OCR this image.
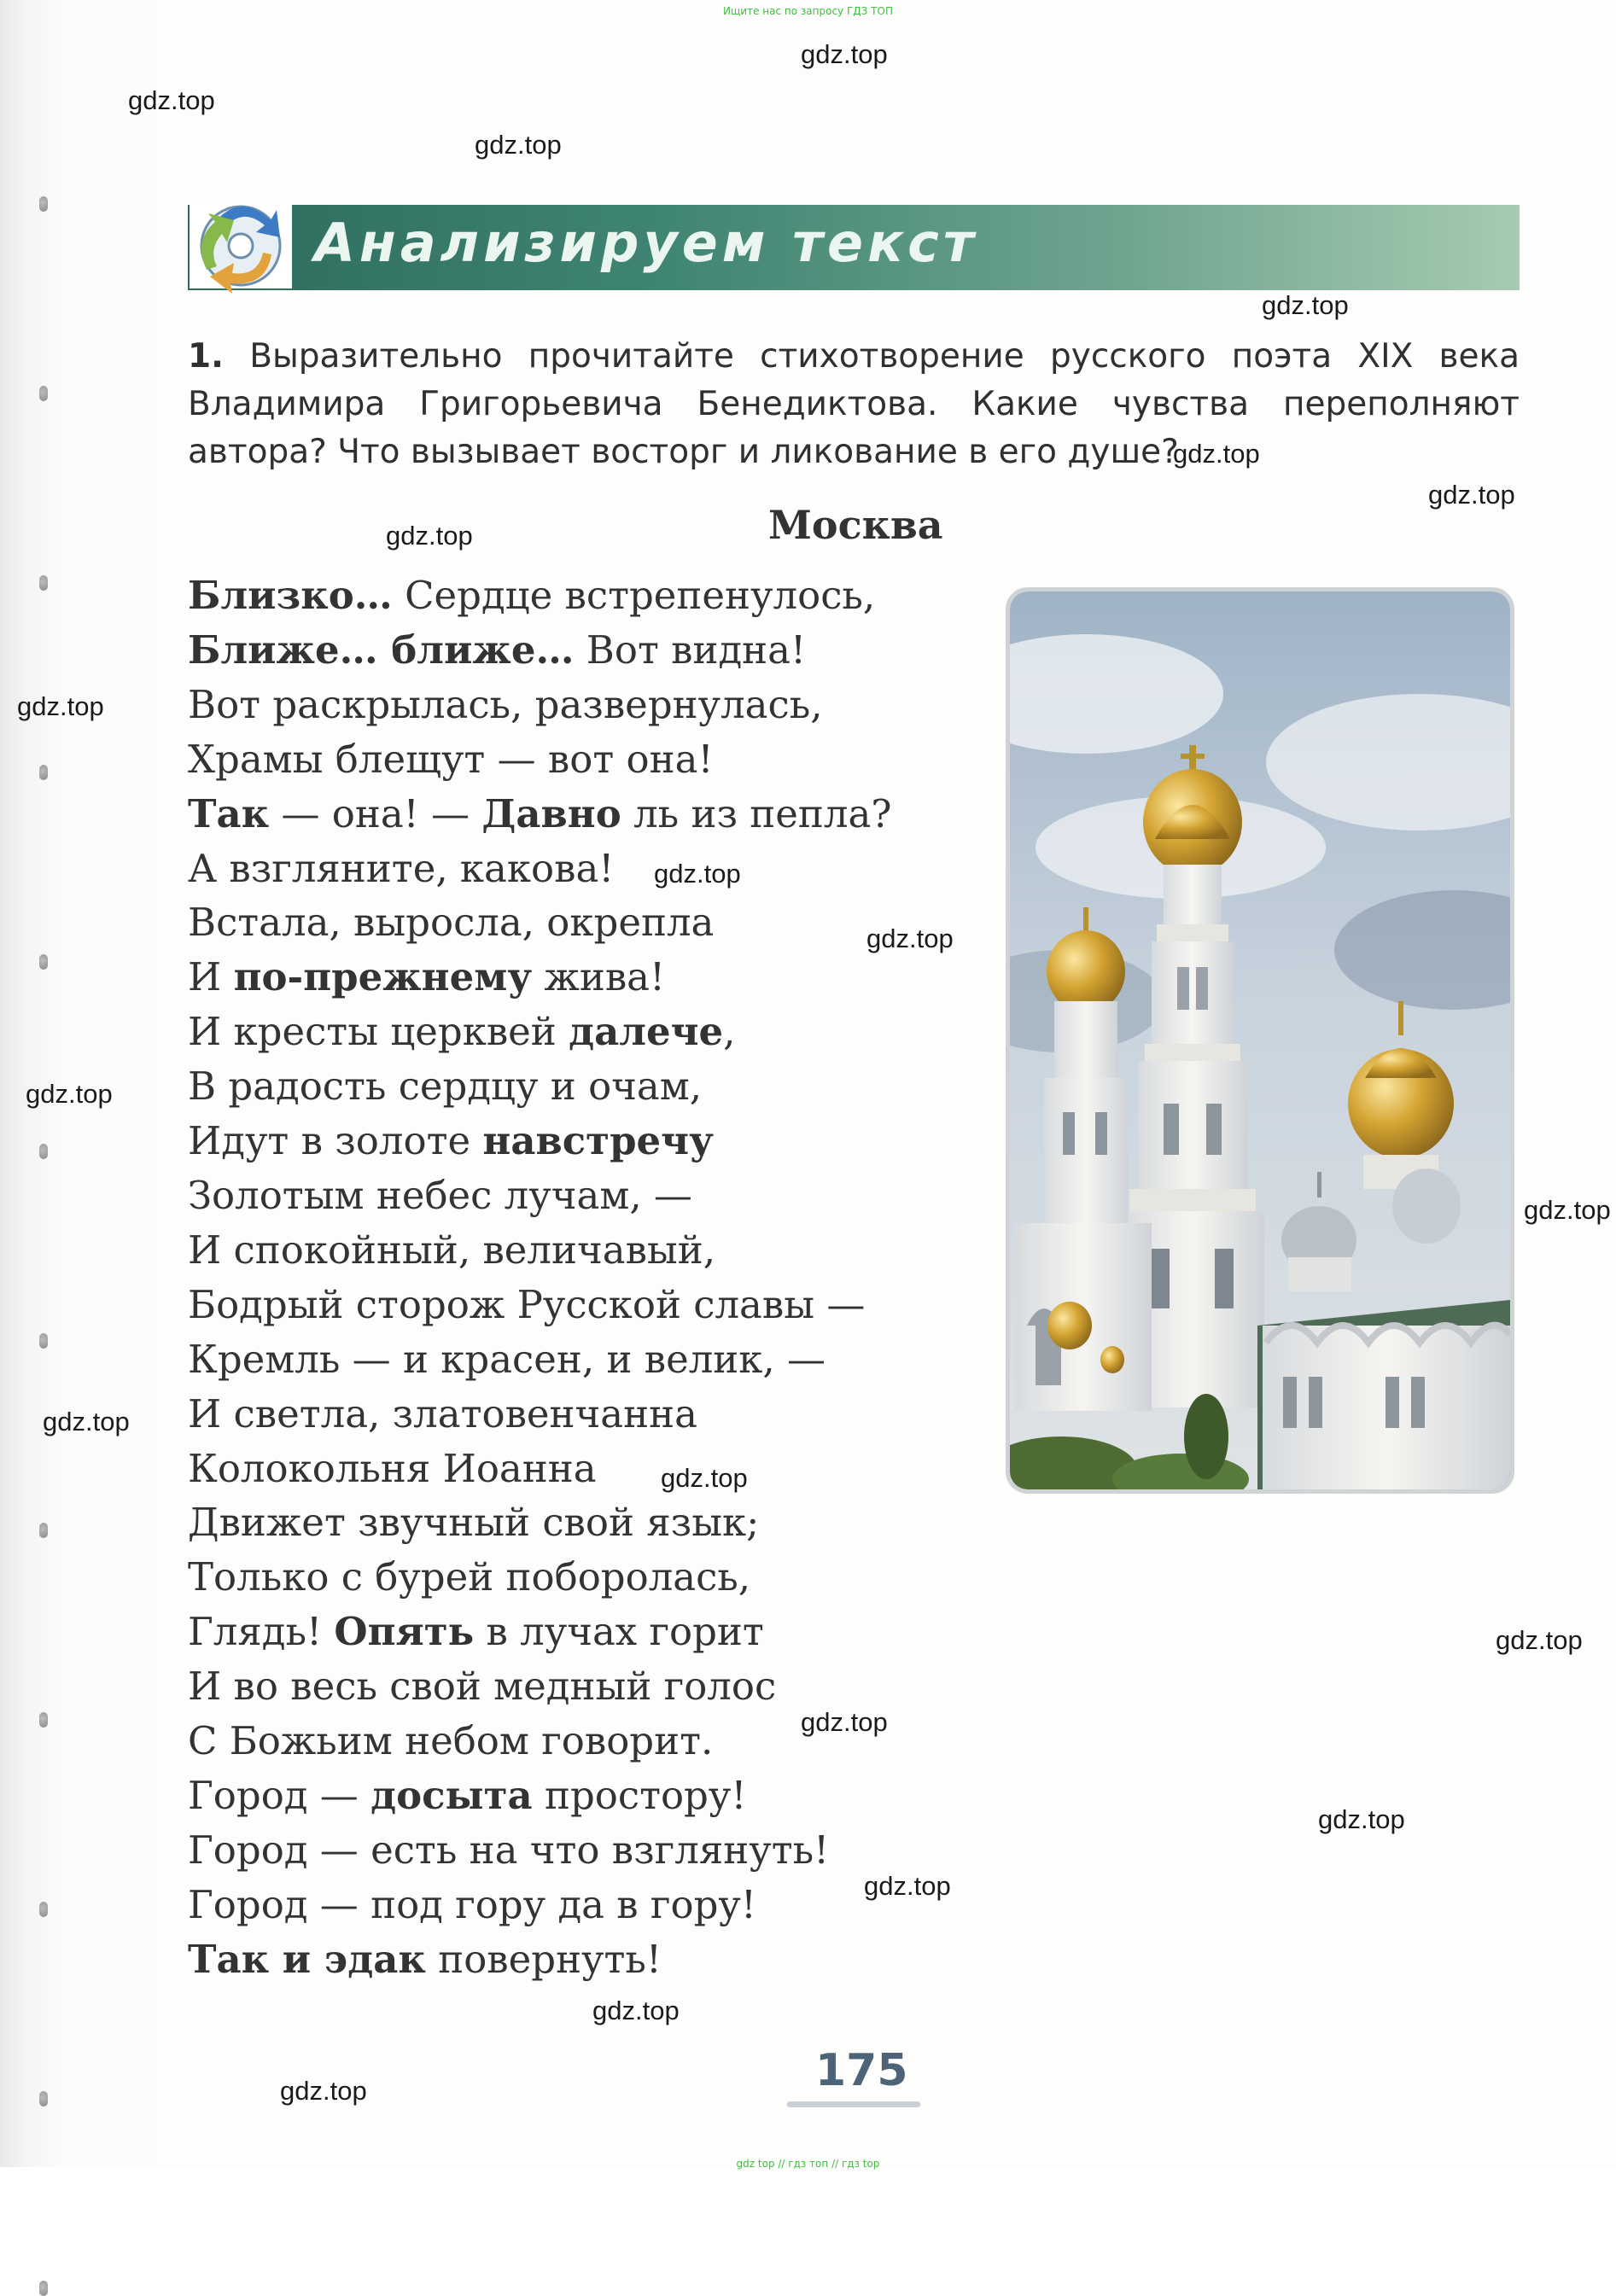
Ищите нас по запросу ГДЗ ТОП
Анализируем текст
1. Выразительно прочитайте стихотворение русского поэта XIX века Владимира Григорьевича Бенедиктова. Какие чувства переполняют автора? Что вызывает восторг и ликование в его душе?
Москва
Близко… Сердце встрепенулось,
Ближе… ближе… Вот видна!
Вот раскрылась, развернулась,
Храмы блещут — вот она!
Так — она! — Давно ль из пепла?
А взгляните, какова!
Встала, выросла, окрепла
И по-прежнему жива!
И кресты церквей далече,
В радость сердцу и очам,
Идут в золоте навстречу
Золотым небес лучам, —
И спокойный, величавый,
Бодрый сторож Русской славы —
Кремль — и красен, и велик, —
И светла, златовенчанна
Колокольня Иоанна
Движет звучный свой язык;
Только с бурей поборолась,
Глядь! Опять в лучах горит
И во весь свой медный голос
С Божьим небом говорит.
Город — досыта простору!
Город — есть на что взглянуть!
Город — под гору да в гору!
Так и эдак повернуть!
gdz.top
gdz.top
gdz.top
gdz.top
gdz.top
gdz.top
gdz.top
gdz.top
gdz.top
gdz.top
gdz.top
gdz.top
gdz.top
gdz.top
gdz.top
gdz.top
gdz.top
gdz.top
gdz.top
gdz.top	175
gdz top // гдз топ // гдз top
